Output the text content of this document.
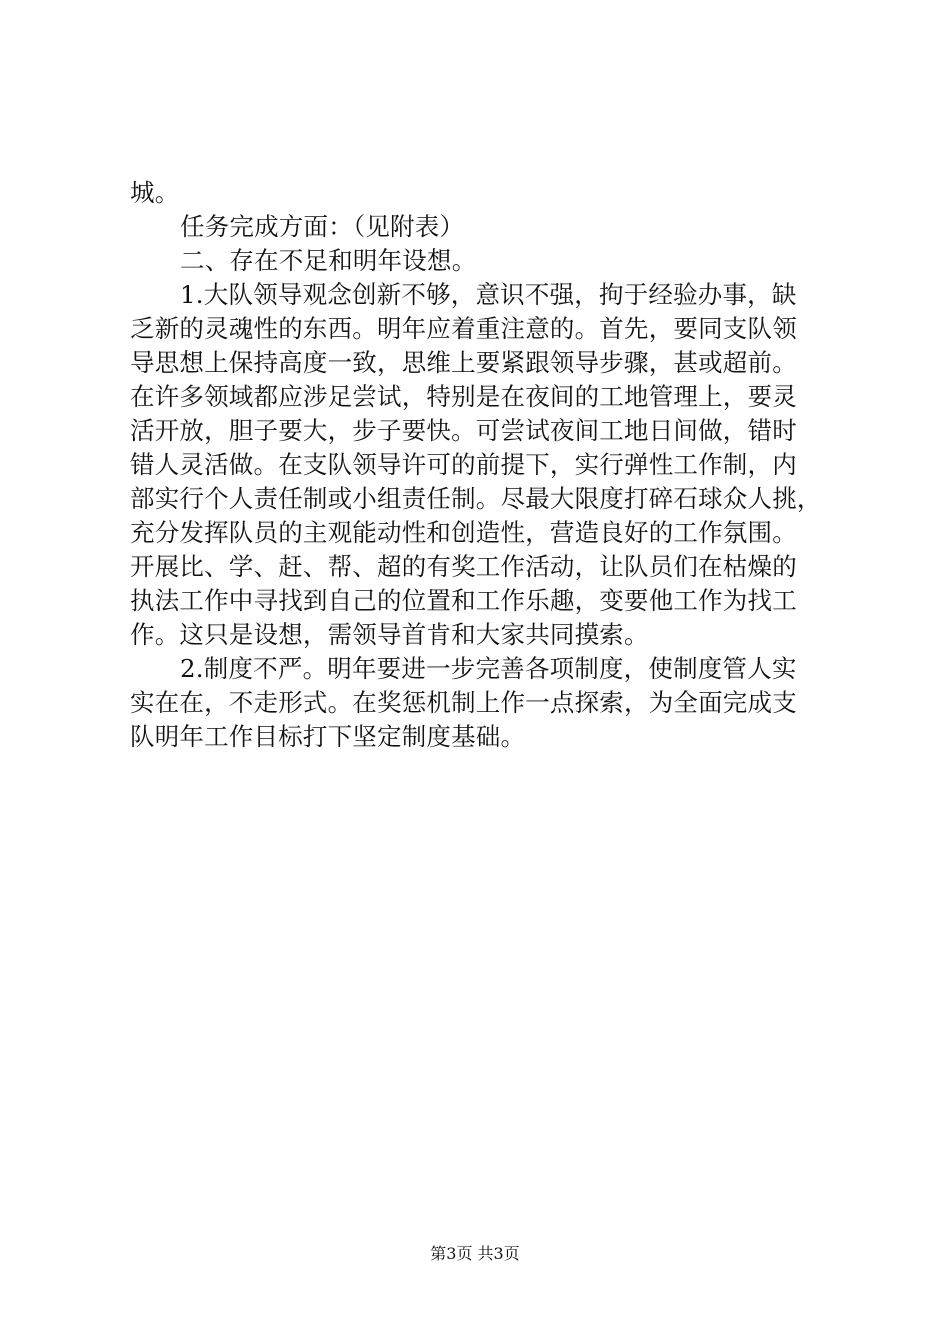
城。
任务完成方面：（见附表）
二、存在不足和明年设想。
1.大队领导观念创新不够，意识不强，拘于经验办事，缺
乏新的灵魂性的东西。明年应着重注意的。首先，要同支队领
导思想上保持高度一致，思维上要紧跟领导步骤，甚或超前。
在许多领域都应涉足尝试，特别是在夜间的工地管理上，要灵
活开放，胆子要大，步子要快。可尝试夜间工地日间做，错时
错人灵活做。在支队领导许可的前提下，实行弹性工作制，内
部实行个人责任制或小组责任制。尽最大限度打碎石球众人挑，
充分发挥队员的主观能动性和创造性，营造良好的工作氛围。
开展比、学、赶、帮、超的有奖工作活动，让队员们在枯燥的
执法工作中寻找到自己的位置和工作乐趣，变要他工作为找工
作。这只是设想，需领导首肯和大家共同摸索。
2.制度不严。明年要进一步完善各项制度，使制度管人实
实在在，不走形式。在奖惩机制上作一点探索，为全面完成支
队明年工作目标打下坚定制度基础。
第3页 共3页
